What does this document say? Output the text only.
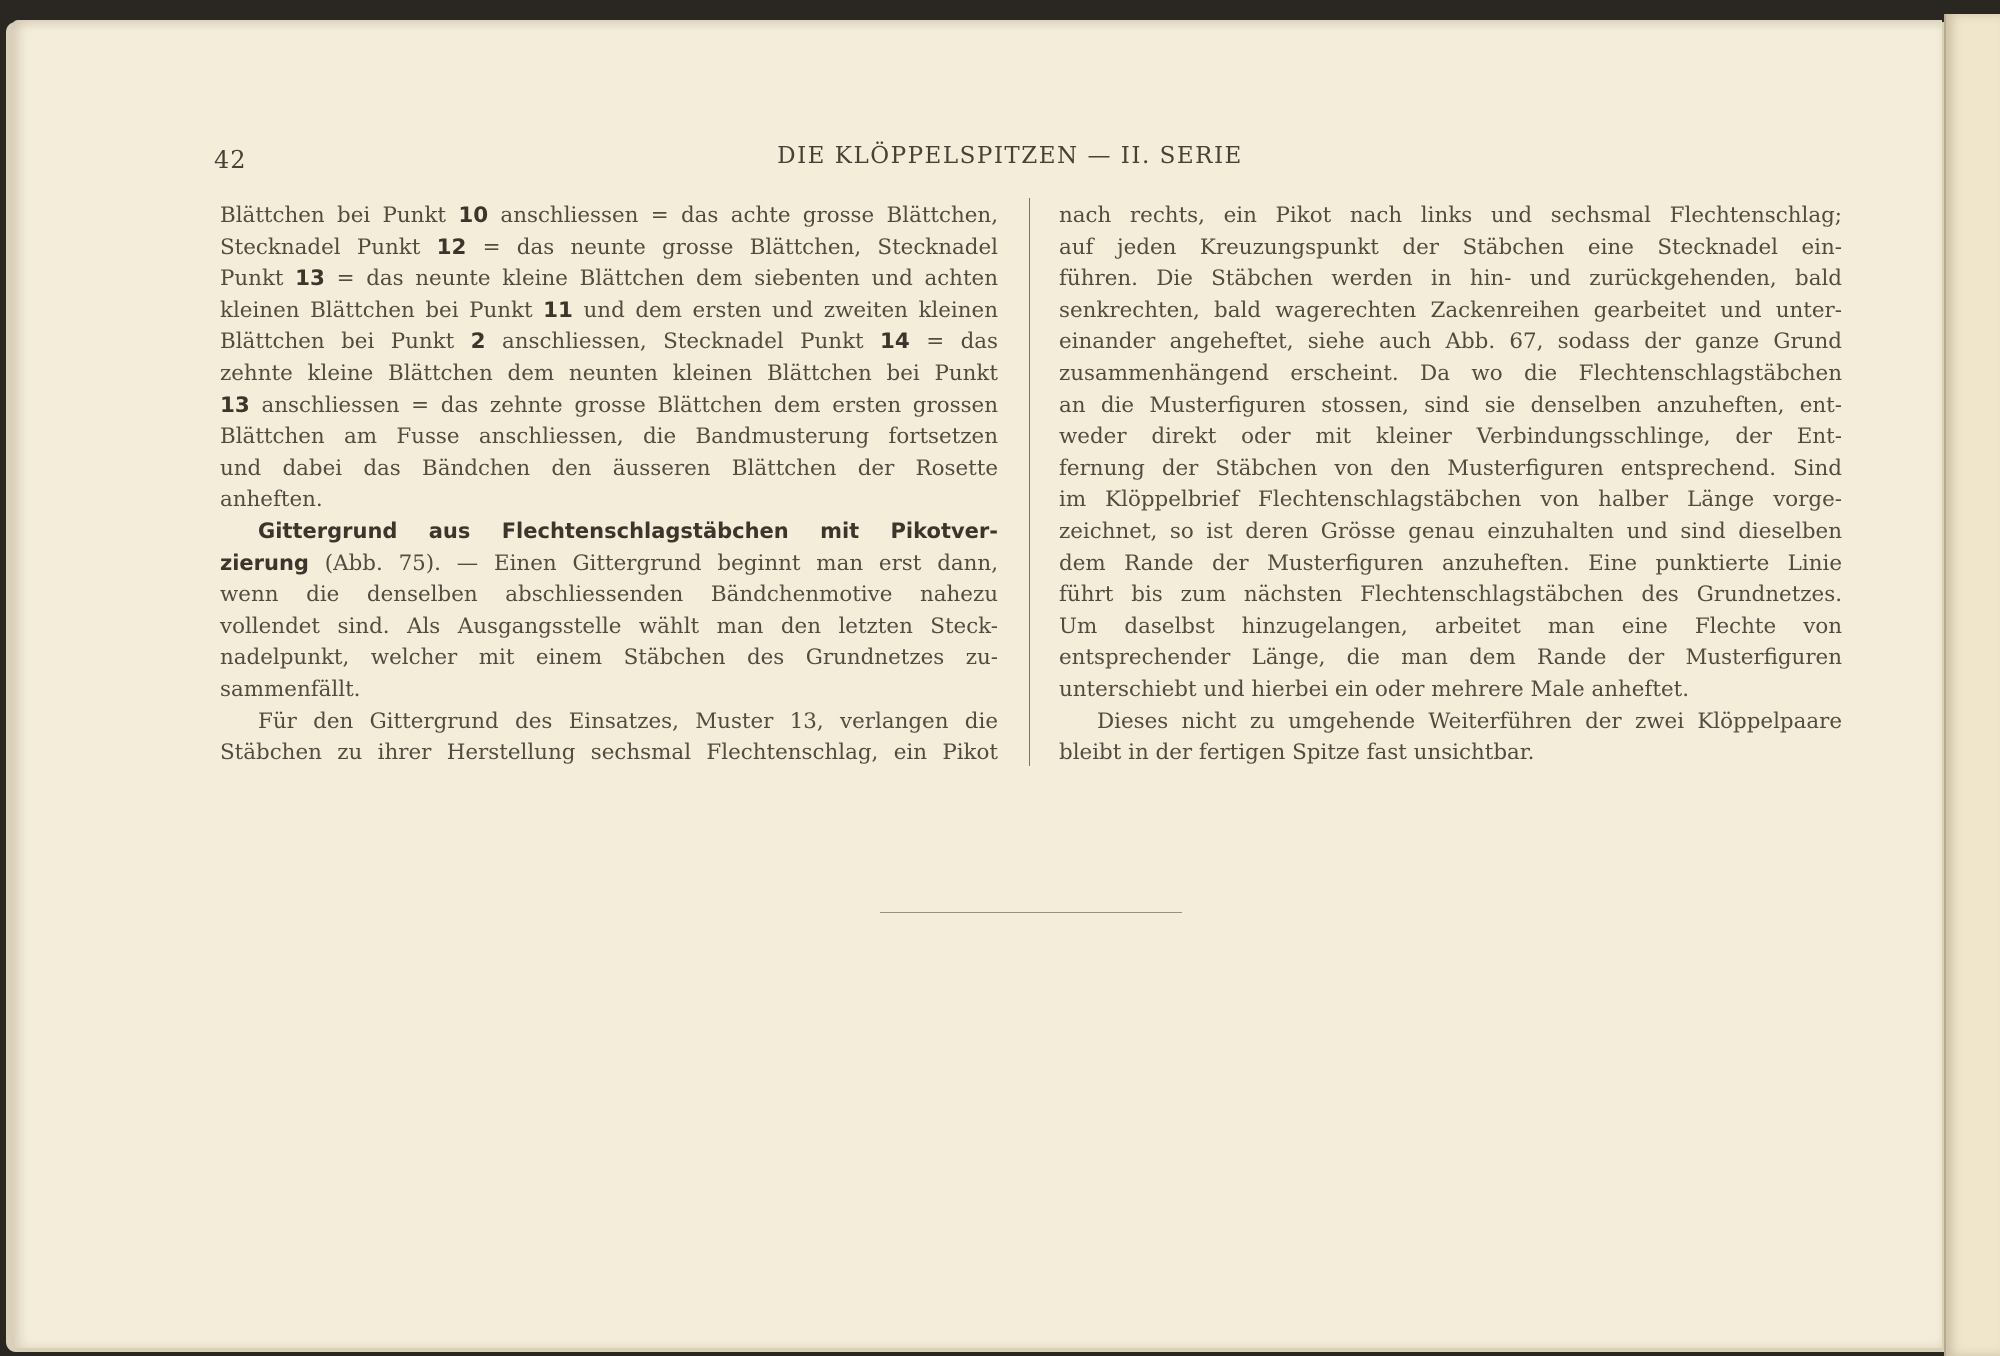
42	DIE KLÖPPELSPITZEN — II. SERIE
Blättchen bei Punkt 10 anschliessen = das achte grosse Blättchen,
Stecknadel Punkt 12 = das neunte grosse Blättchen, Stecknadel
Punkt 13 = das neunte kleine Blättchen dem siebenten und achten
kleinen Blättchen bei Punkt 11 und dem ersten und zweiten kleinen
Blättchen bei Punkt 2 anschliessen, Stecknadel Punkt 14 = das
zehnte kleine Blättchen dem neunten kleinen Blättchen bei Punkt
13 anschliessen = das zehnte grosse Blättchen dem ersten grossen
Blättchen am Fusse anschliessen, die Bandmusterung fortsetzen
und dabei das Bändchen den äusseren Blättchen der Rosette
anheften.
Gittergrund aus Flechtenschlagstäbchen mit Pikotver-
zierung (Abb. 75). — Einen Gittergrund beginnt man erst dann,
wenn die denselben abschliessenden Bändchenmotive nahezu
vollendet sind. Als Ausgangsstelle wählt man den letzten Steck-
nadelpunkt, welcher mit einem Stäbchen des Grundnetzes zu-
sammenfällt.
Für den Gittergrund des Einsatzes, Muster 13, verlangen die
Stäbchen zu ihrer Herstellung sechsmal Flechtenschlag, ein Pikot
nach rechts, ein Pikot nach links und sechsmal Flechtenschlag;
auf jeden Kreuzungspunkt der Stäbchen eine Stecknadel ein-
führen. Die Stäbchen werden in hin- und zurückgehenden, bald
senkrechten, bald wagerechten Zackenreihen gearbeitet und unter-
einander angeheftet, siehe auch Abb. 67, sodass der ganze Grund
zusammenhängend erscheint. Da wo die Flechtenschlagstäbchen
an die Musterfiguren stossen, sind sie denselben anzuheften, ent-
weder direkt oder mit kleiner Verbindungsschlinge, der Ent-
fernung der Stäbchen von den Musterfiguren entsprechend. Sind
im Klöppelbrief Flechtenschlagstäbchen von halber Länge vorge-
zeichnet, so ist deren Grösse genau einzuhalten und sind dieselben
dem Rande der Musterfiguren anzuheften. Eine punktierte Linie
führt bis zum nächsten Flechtenschlagstäbchen des Grundnetzes.
Um daselbst hinzugelangen, arbeitet man eine Flechte von
entsprechender Länge, die man dem Rande der Musterfiguren
unterschiebt und hierbei ein oder mehrere Male anheftet.
Dieses nicht zu umgehende Weiterführen der zwei Klöppelpaare
bleibt in der fertigen Spitze fast unsichtbar.
